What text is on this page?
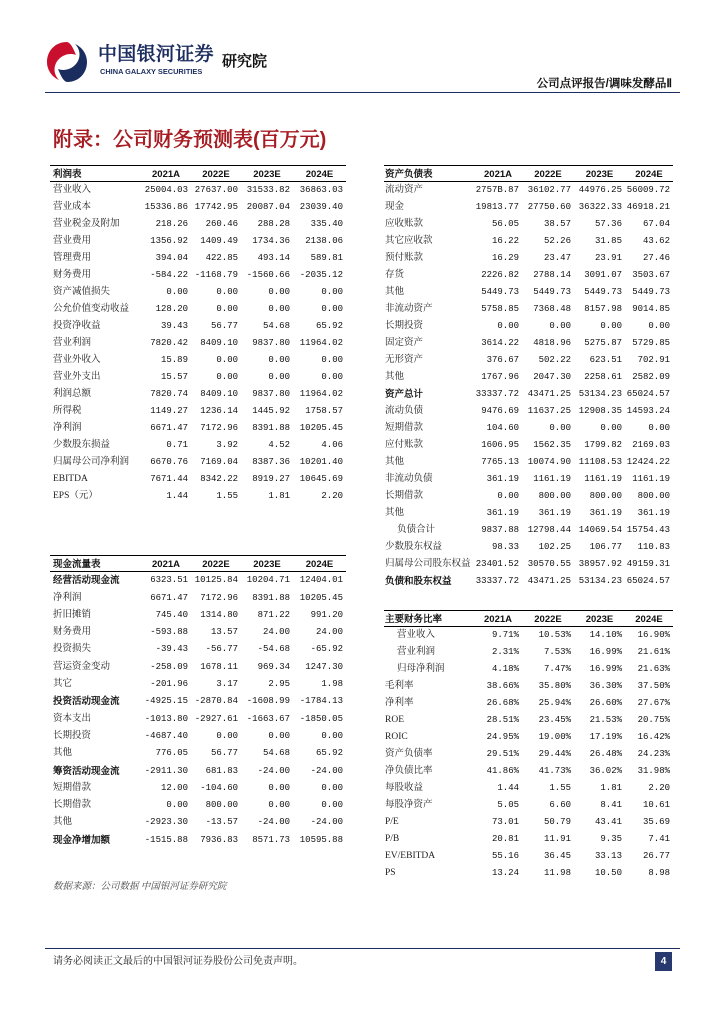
中国银河证券
CHINA GALAXY SECURITIES
研究院
公司点评报告/调味发酵品Ⅱ
附录：公司财务预测表(百万元)
利润表	2021A	2022E	2023E	2024E
营业收入	25004.03 27637.00 31533.82	36863.03
营业成本	15336.86 17742.95 20087.04	23039.40
营业税金及附加	218.26	260.46	288.28	335.40
营业费用	1356.92	1409.49	1734.36	2138.06
管理费用	394.04	422.85	493.14	589.81
财务费用	-584.22 -1168.79 -1560.66	-2035.12
资产减值损失	0.00	0.00	0.00	0.00
公允价值变动收益	128.20	0.00	0.00	0.00
投资净收益	39.43	56.77	54.68	65.92
营业利润	7820.42	8409.10	9837.80	11964.02
营业外收入	15.89	0.00	0.00	0.00
营业外支出	15.57	0.00	0.00	0.00
利润总额	7820.74	8409.10	9837.80	11964.02
所得税	1149.27	1236.14	1445.92	1758.57
净利润	6671.47	7172.96	8391.88	10205.45
少数股东损益	0.71	3.92	4.52	4.06
归属母公司净利润	6670.76	7169.04	8387.36	10201.40
EBITDA	7671.44	8342.22	8919.27	10645.69
EPS（元）	1.44	1.55	1.81	2.20
现金流量表	2021A	2022E	2023E	2024E
经营活动现金流	6323.51 10125.84 10204.71	12404.01
净利润	6671.47	7172.96	8391.88	10205.45
折旧摊销	745.40	1314.80	871.22	991.20
财务费用	-593.88	13.57	24.00	24.00
投资损失	-39.43	-56.77	-54.68	-65.92
营运资金变动	-258.09	1678.11	969.34	1247.30
其它	-201.96	3.17	2.95	1.98
投资活动现金流	-4925.15 -2870.84 -1608.99	-1784.13
资本支出	-1013.80 -2927.61 -1663.67	-1850.05
长期投资	-4687.40	0.00	0.00	0.00
其他	776.05	56.77	54.68	65.92
筹资活动现金流	-2911.30	681.83	-24.00	-24.00
短期借款	12.00	-104.60	0.00	0.00
长期借款	0.00	800.00	0.00	0.00
其他	-2923.30	-13.57	-24.00	-24.00
现金净增加额	-1515.88	7936.83	8571.73	10595.88
资产负债表	2021A	2022E	2023E	2024E
流动资产	2757B.87 36102.77 44976.25 56009.72
现金	19813.77 27750.60 36322.33 46918.21
应收账款	56.05	38.57	57.36	67.04
其它应收款	16.22	52.26	31.85	43.62
预付账款	16.29	23.47	23.91	27.46
存货	2226.82	2788.14	3091.07	3503.67
其他	5449.73	5449.73	5449.73	5449.73
非流动资产	5758.85	7368.48	8157.98	9014.85
长期投资	0.00	0.00	0.00	0.00
固定资产	3614.22	4818.96	5275.87	5729.85
无形资产	376.67	502.22	623.51	702.91
其他	1767.96	2047.30	2258.61	2582.09
资产总计	33337.72 43471.25 53134.23 65024.57
流动负债	9476.69 11637.25 12908.35 14593.24
短期借款	104.60	0.00	0.00	0.00
应付账款	1606.95	1562.35	1799.82	2169.03
其他	7765.13 10074.90 11108.53 12424.22
非流动负债	361.19	1161.19	1161.19	1161.19
长期借款	0.00	800.00	800.00	800.00
其他	361.19	361.19	361.19	361.19
负债合计	9837.88 12798.44 14069.54 15754.43
少数股东权益	98.33	102.25	106.77	110.83
归属母公司股东权益 23401.52 30570.55 38957.92 49159.31
负债和股东权益	33337.72 43471.25 53134.23 65024.57
主要财务比率	2021A	2022E	2023E	2024E
营业收入	9.71%	10.53%	14.10%	16.90%
营业利润	2.31%	7.53%	16.99%	21.61%
归母净利润	4.18%	7.47%	16.99%	21.63%
毛利率	38.66%	35.80%	36.30%	37.50%
净利率	26.68%	25.94%	26.60%	27.67%
ROE	28.51%	23.45%	21.53%	20.75%
ROIC	24.95%	19.00%	17.19%	16.42%
资产负债率	29.51%	29.44%	26.48%	24.23%
净负债比率	41.86%	41.73%	36.02%	31.98%
每股收益	1.44	1.55	1.81	2.20
每股净资产	5.05	6.60	8.41	10.61
P/E	73.01	50.79	43.41	35.69
P/B	20.81	11.91	9.35	7.41
EV/EBITDA	55.16	36.45	33.13	26.77
PS	13.24	11.98	10.50	8.98
数据来源：公司数据 中国银河证券研究院
请务必阅读正文最后的中国银河证券股份公司免责声明。	4
